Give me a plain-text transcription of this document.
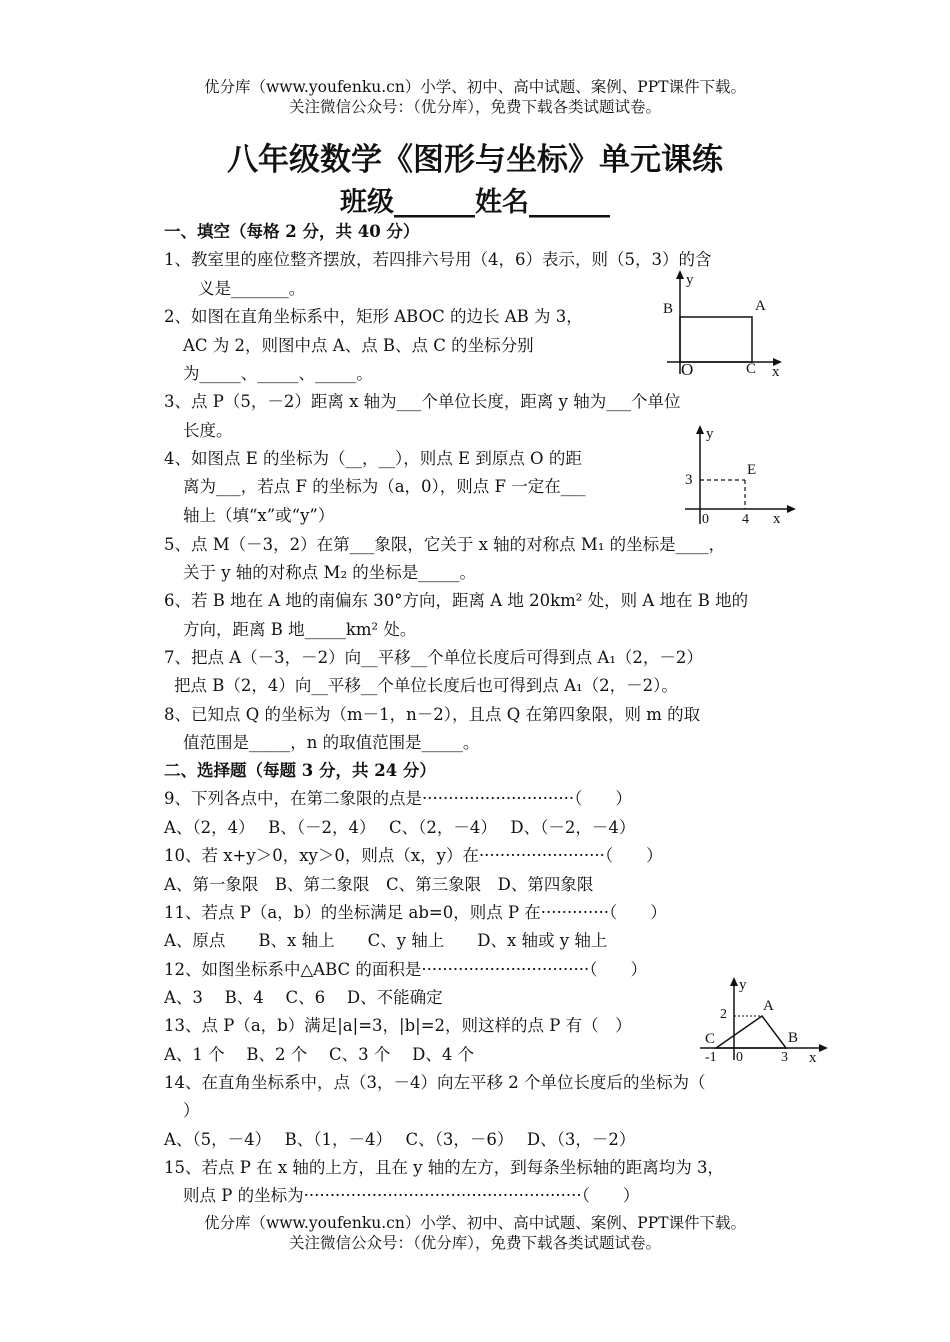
优分库（www.youfenku.cn）小学、初中、高中试题、案例、PPT课件下载。
关注微信公众号：（优分库），免费下载各类试题试卷。
八年级数学《图形与坐标》单元课练
班级______姓名______
一、填空（每格 2 分，共 40 分）
1、教室里的座位整齐摆放，若四排六号用（4，6）表示，则（5，3）的含
义是_______。
2、如图在直角坐标系中，矩形 ABOC 的边长 AB 为 3，
AC 为 2，则图中点 A、点 B、点 C 的坐标分别
为_____、_____、_____。
3、点 P（5，－2）距离 x 轴为___个单位长度，距离 y 轴为___个单位
长度。
4、如图点 E 的坐标为（__，__），则点 E 到原点 O 的距
离为___，若点 F 的坐标为（a，0），则点 F 一定在___
轴上（填“x”或“y”）
5、点 M（－3，2）在第___象限，它关于 x 轴的对称点 M₁ 的坐标是____，
关于 y 轴的对称点 M₂ 的坐标是_____。
6、若 B 地在 A 地的南偏东 30°方向，距离 A 地 20km² 处，则 A 地在 B 地的
方向，距离 B 地_____km² 处。
7、把点 A（－3，－2）向__平移__个单位长度后可得到点 A₁（2，－2）
把点 B（2，4）向__平移__个单位长度后也可得到点 A₁（2，－2）。
8、已知点 Q 的坐标为（m－1，n－2），且点 Q 在第四象限，则 m 的取
值范围是_____，n 的取值范围是_____。
二、选择题（每题 3 分，共 24 分）
9、下列各点中，在第二象限的点是·····························（　　）
A、（2，4）　 B、（－2，4）　 C、（2，－4）　 D、（－2，－4）
10、若 x+y＞0，xy＞0，则点（x，y）在························（　　）
A、第一象限　B、第二象限　C、第三象限　D、第四象限
11、若点 P（a，b）的坐标满足 ab=0，则点 P 在·············（　　）
A、原点　　B、x 轴上　　C、y 轴上　　D、x 轴或 y 轴上
12、如图坐标系中△ABC 的面积是································（　　）
A、3　 B、4　 C、6　 D、不能确定
13、点 P（a，b）满足|a|=3，|b|=2，则这样的点 P 有（　）
A、1 个　 B、2 个　 C、3 个　 D、4 个
14、在直角坐标系中，点（3，－4）向左平移 2 个单位长度后的坐标为（
）
A、（5，－4）　 B、（1，－4）　 C、（3，－6）　 D、（3，－2）
15、若点 P 在 x 轴的上方，且在 y 轴的左方，到每条坐标轴的距离均为 3，
则点 P 的坐标为·····················································（　　）
优分库（www.youfenku.cn）小学、初中、高中试题、案例、PPT课件下载。
关注微信公众号：（优分库），免费下载各类试题试卷。
y
B	A
O	C x
y
E
3
0 4 x
y
A
2
C	B
-1 0	3 x
